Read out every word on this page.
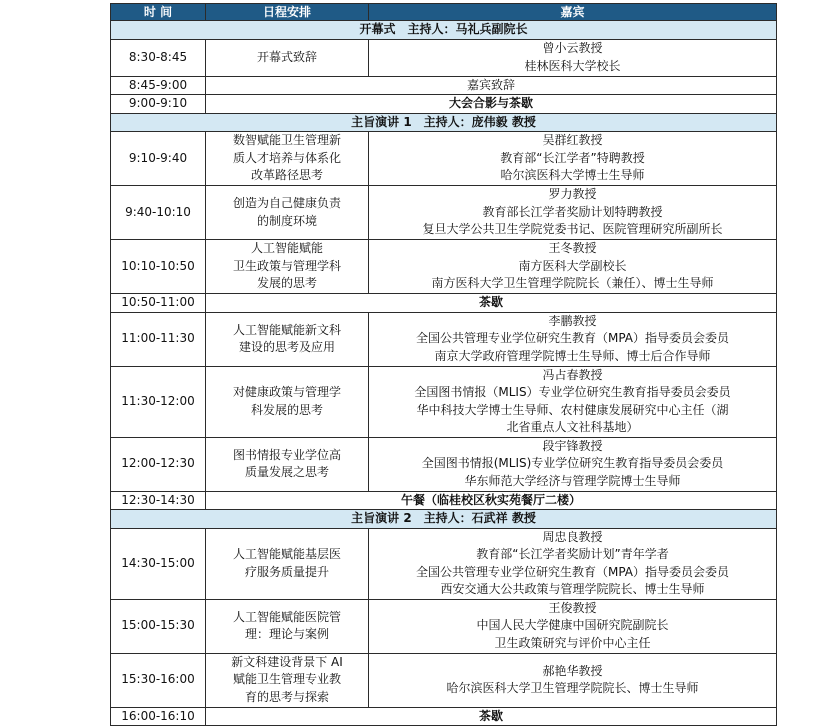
时 间	日程安排	嘉宾
开幕式　主持人：马礼兵副院长		
8:30-8:45	开幕式致辞	曾小云教授
桂林医科大学校长

8:45-9:00	嘉宾致辞	
9:00-9:10	大会合影与茶歇	
主旨演讲 1　主持人：庞伟毅 教授		
9:10-9:40	数智赋能卫生管理新
质人才培养与体系化
改革路径思考	吴群红教授
教育部“长江学者”特聘教授
哈尔滨医科大学博士生导师

9:40-10:10	创造为自己健康负责
的制度环境	罗力教授
教育部长江学者奖励计划特聘教授
复旦大学公共卫生学院党委书记、医院管理研究所副所长

10:10-10:50	人工智能赋能
卫生政策与管理学科
发展的思考	王冬教授
南方医科大学副校长
南方医科大学卫生管理学院院长（兼任）、博士生导师

10:50-11:00	茶歇	
11:00-11:30	人工智能赋能新文科
建设的思考及应用	李鹏教授
全国公共管理专业学位研究生教育（MPA）指导委员会委员
南京大学政府管理学院博士生导师、博士后合作导师

11:30-12:00	对健康政策与管理学
科发展的思考	冯占春教授
全国图书情报（MLIS）专业学位研究生教育指导委员会委员
华中科技大学博士生导师、农村健康发展研究中心主任（湖
北省重点人文社科基地）

12:00-12:30	图书情报专业学位高
质量发展之思考	段宇锋教授
全国图书情报(MLIS)专业学位研究生教育指导委员会委员
华东师范大学经济与管理学院博士生导师

12:30-14:30	午餐（临桂校区秋实苑餐厅二楼）	
主旨演讲 2　主持人：石武祥 教授		
14:30-15:00	人工智能赋能基层医
疗服务质量提升	周忠良教授
教育部“长江学者奖励计划”青年学者
全国公共管理专业学位研究生教育（MPA）指导委员会委员
西安交通大公共政策与管理学院院长、博士生导师

15:00-15:30	人工智能赋能医院管
理：理论与案例	王俊教授
中国人民大学健康中国研究院副院长
卫生政策研究与评价中心主任

15:30-16:00	新文科建设背景下 AI
赋能卫生管理专业教
育的思考与探索	郝艳华教授
哈尔滨医科大学卫生管理学院院长、博士生导师

16:00-16:10	茶歇	
